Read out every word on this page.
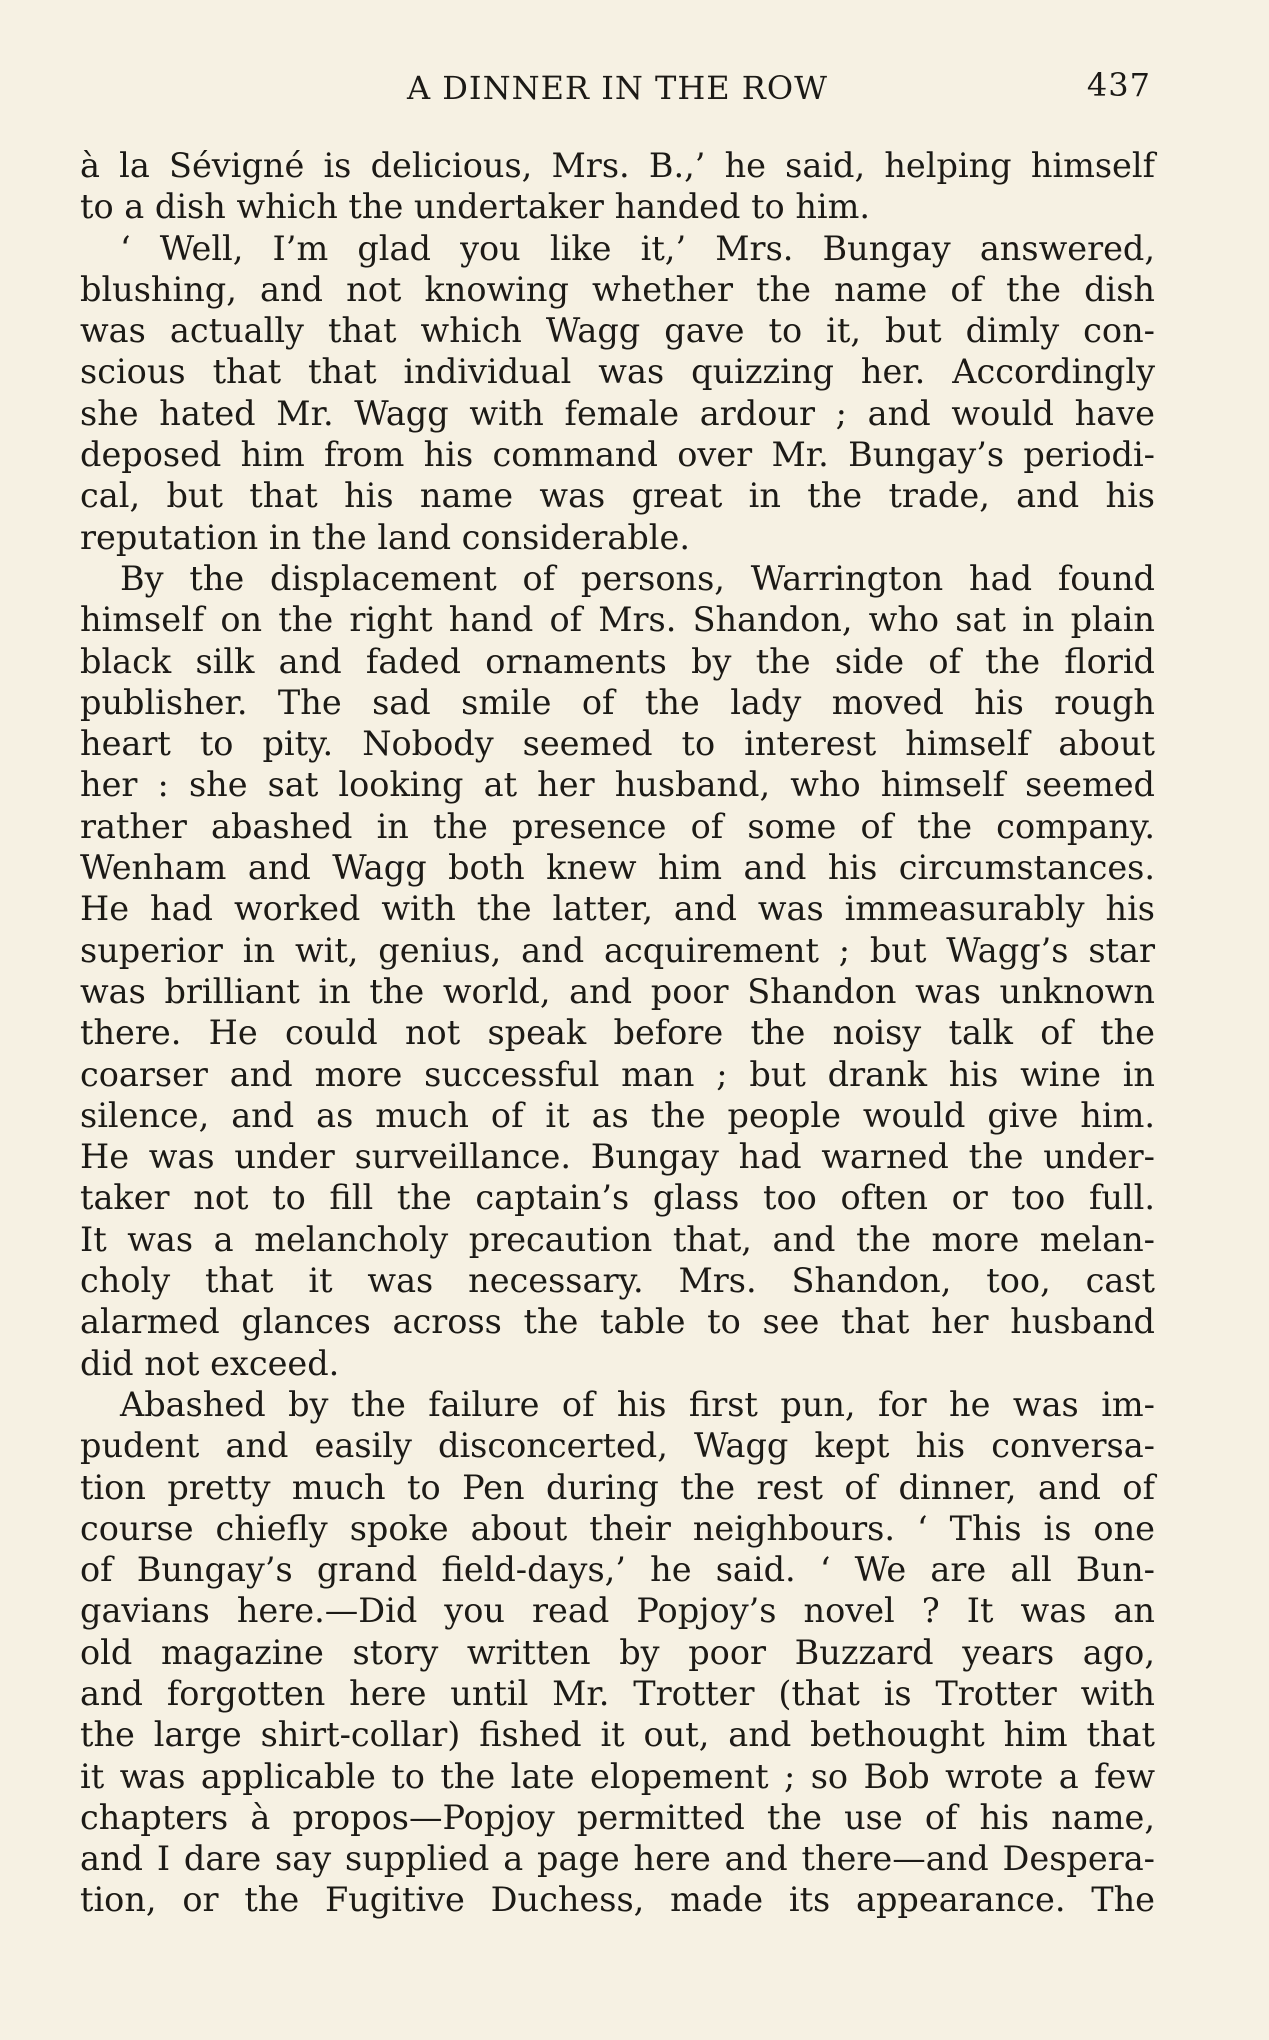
A DINNER IN THE ROW	437
à la Sévigné is delicious, Mrs. B.,’ he said, helping himself
to a dish which the undertaker handed to him.
‘ Well, I’m glad you like it,’ Mrs. Bungay answered,
blushing, and not knowing whether the name of the dish
was actually that which Wagg gave to it, but dimly con-
scious that that individual was quizzing her. Accordingly
she hated Mr. Wagg with female ardour ; and would have
deposed him from his command over Mr. Bungay’s periodi-
cal, but that his name was great in the trade, and his
reputation in the land considerable.
By the displacement of persons, Warrington had found
himself on the right hand of Mrs. Shandon, who sat in plain
black silk and faded ornaments by the side of the florid
publisher. The sad smile of the lady moved his rough
heart to pity. Nobody seemed to interest himself about
her : she sat looking at her husband, who himself seemed
rather abashed in the presence of some of the company.
Wenham and Wagg both knew him and his circumstances.
He had worked with the latter, and was immeasurably his
superior in wit, genius, and acquirement ; but Wagg’s star
was brilliant in the world, and poor Shandon was unknown
there. He could not speak before the noisy talk of the
coarser and more successful man ; but drank his wine in
silence, and as much of it as the people would give him.
He was under surveillance. Bungay had warned the under-
taker not to fill the captain’s glass too often or too full.
It was a melancholy precaution that, and the more melan-
choly that it was necessary. Mrs. Shandon, too, cast
alarmed glances across the table to see that her husband
did not exceed.
Abashed by the failure of his first pun, for he was im-
pudent and easily disconcerted, Wagg kept his conversa-
tion pretty much to Pen during the rest of dinner, and of
course chiefly spoke about their neighbours. ‘ This is one
of Bungay’s grand field-days,’ he said. ‘ We are all Bun-
gavians here.—Did you read Popjoy’s novel ? It was an
old magazine story written by poor Buzzard years ago,
and forgotten here until Mr. Trotter (that is Trotter with
the large shirt-collar) fished it out, and bethought him that
it was applicable to the late elopement ; so Bob wrote a few
chapters à propos—Popjoy permitted the use of his name,
and I dare say supplied a page here and there—and Despera-
tion, or the Fugitive Duchess, made its appearance. The
